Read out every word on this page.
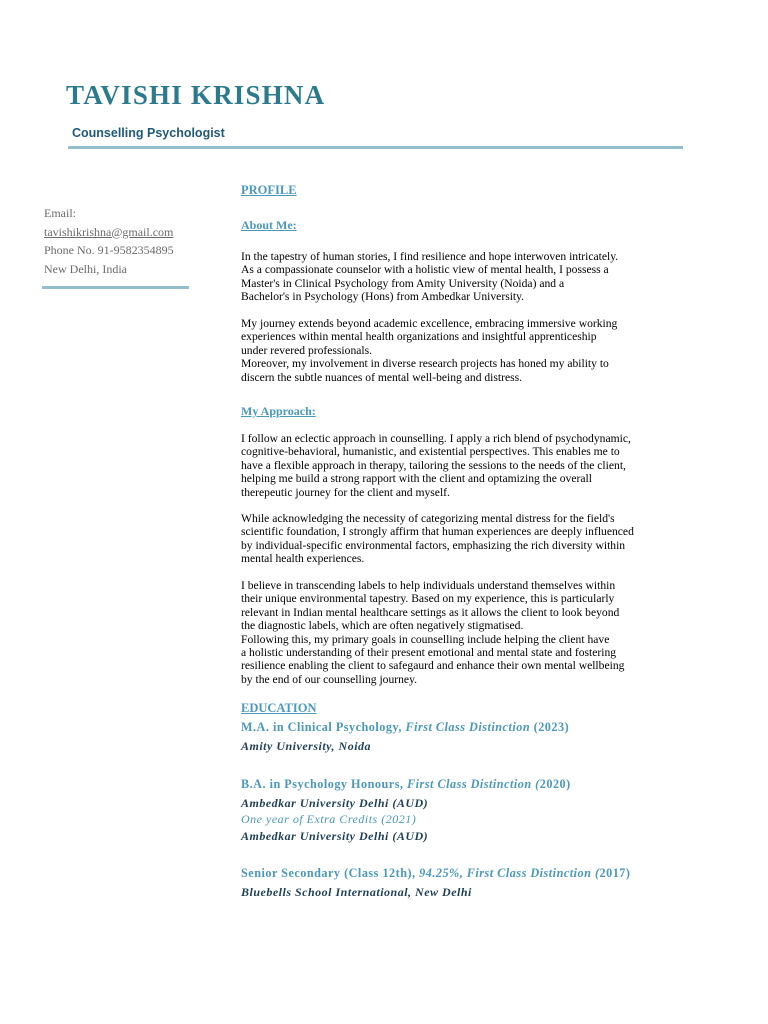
TAVISHI KRISHNA
Counselling Psychologist
Email:
tavishikrishna@gmail.com
Phone No. 91-9582354895
New Delhi, India
PROFILE
About Me:
In the tapestry of human stories, I find resilience and hope interwoven intricately.
As a compassionate counselor with a holistic view of mental health, I possess a
Master's in Clinical Psychology from Amity University (Noida) and a
Bachelor's in Psychology (Hons) from Ambedkar University.
My journey extends beyond academic excellence, embracing immersive working
experiences within mental health organizations and insightful apprenticeship
under revered professionals.
Moreover, my involvement in diverse research projects has honed my ability to
discern the subtle nuances of mental well-being and distress.
My Approach:
I follow an eclectic approach in counselling. I apply a rich blend of psychodynamic,
cognitive-behavioral, humanistic, and existential perspectives. This enables me to
have a flexible approach in therapy, tailoring the sessions to the needs of the client,
helping me build a strong rapport with the client and optamizing the overall
therepeutic journey for the client and myself.
While acknowledging the necessity of categorizing mental distress for the field's
scientific foundation, I strongly affirm that human experiences are deeply influenced
by individual-specific environmental factors, emphasizing the rich diversity within
mental health experiences.
I believe in transcending labels to help individuals understand themselves within
their unique environmental tapestry. Based on my experience, this is particularly
relevant in Indian mental healthcare settings as it allows the client to look beyond
the diagnostic labels, which are often negatively stigmatised.
Following this, my primary goals in counselling include helping the client have
a holistic understanding of their present emotional and mental state and fostering
resilience enabling the client to safegaurd and enhance their own mental wellbeing
by the end of our counselling journey.
EDUCATION
M.A. in Clinical Psychology, First Class Distinction (2023)
Amity University, Noida
B.A. in Psychology Honours, First Class Distinction (2020)
Ambedkar University Delhi (AUD)
One year of Extra Credits (2021)
Ambedkar University Delhi (AUD)
Senior Secondary (Class 12th), 94.25%, First Class Distinction (2017)
Bluebells School International, New Delhi
